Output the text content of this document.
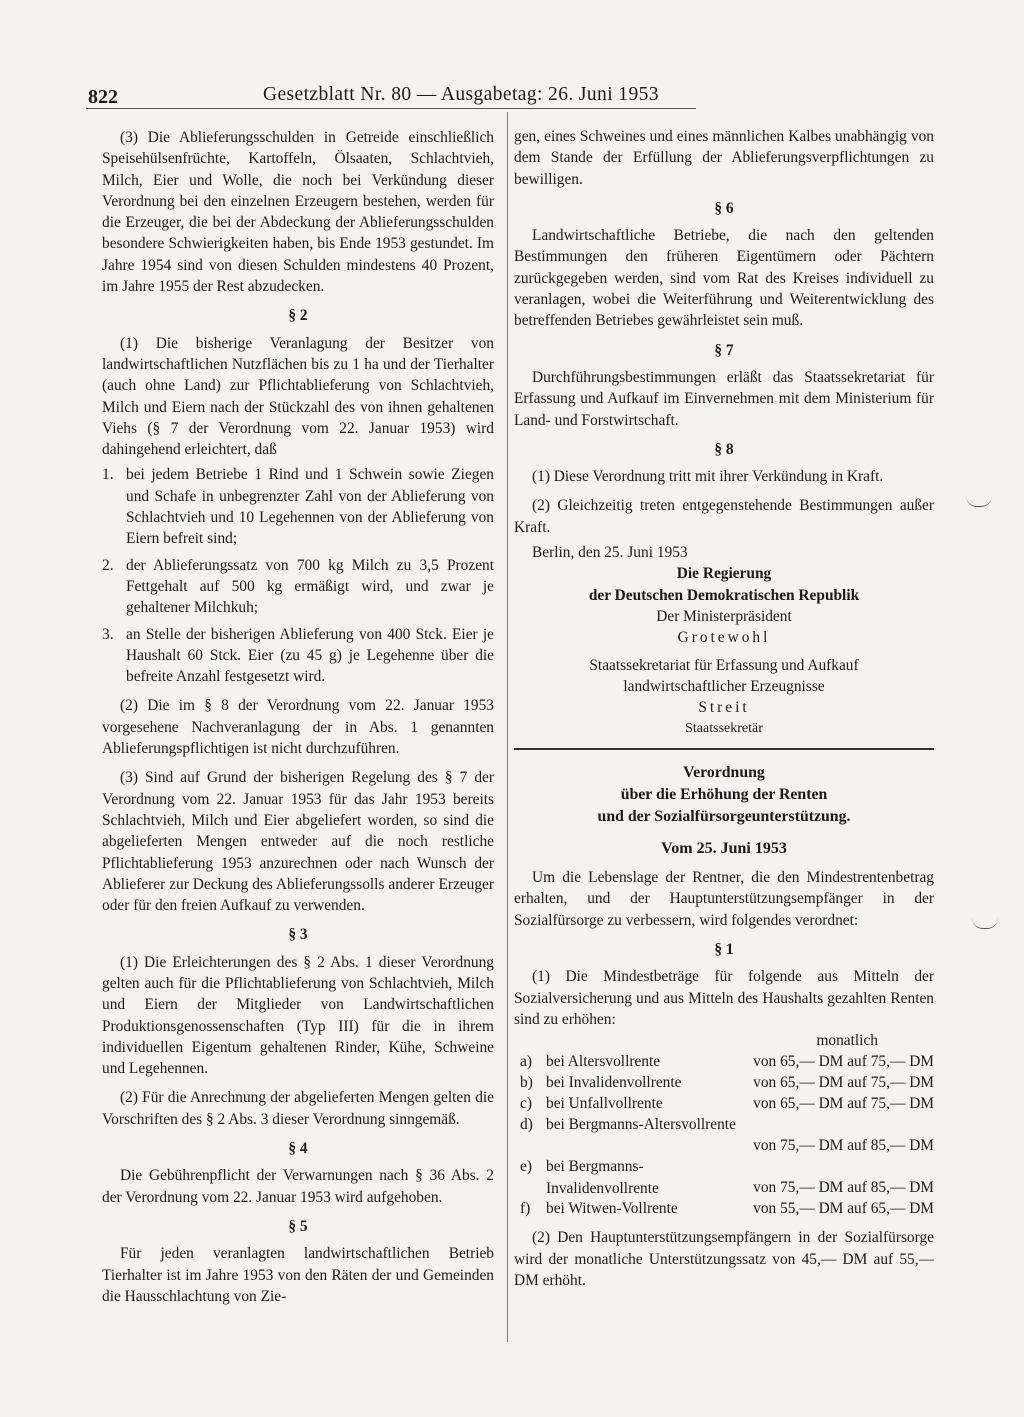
822	Gesetzblatt Nr. 80 — Ausgabetag: 26. Juni 1953

(3) Die Ablieferungsschulden in Getreide einschließlich Speisehülsenfrüchte, Kartoffeln, Ölsaaten, Schlachtvieh, Milch, Eier und Wolle, die noch bei Verkündung dieser Verordnung bei den einzelnen Erzeugern bestehen, werden für die Erzeuger, die bei der Abdeckung der Ablieferungsschulden besondere Schwierigkeiten haben, bis Ende 1953 gestundet. Im Jahre 1954 sind von diesen Schulden mindestens 40 Prozent, im Jahre 1955 der Rest abzudecken.

§ 2

(1) Die bisherige Veranlagung der Besitzer von landwirtschaftlichen Nutzflächen bis zu 1 ha und der Tierhalter (auch ohne Land) zur Pflichtablieferung von Schlachtvieh, Milch und Eiern nach der Stückzahl des von ihnen gehaltenen Viehs (§ 7 der Verordnung vom 22. Januar 1953) wird dahingehend erleichtert, daß

1. bei jedem Betriebe 1 Rind und 1 Schwein sowie Ziegen und Schafe in unbegrenzter Zahl von der Ablieferung von Schlachtvieh und 10 Legehennen von der Ablieferung von Eiern befreit sind;
2. der Ablieferungssatz von 700 kg Milch zu 3,5 Prozent Fettgehalt auf 500 kg ermäßigt wird, und zwar je gehaltener Milchkuh;
3. an Stelle der bisherigen Ablieferung von 400 Stck. Eier je Haushalt 60 Stck. Eier (zu 45 g) je Legehenne über die befreite Anzahl festgesetzt wird.

(2) Die im § 8 der Verordnung vom 22. Januar 1953 vorgesehene Nachveranlagung der in Abs. 1 genannten Ablieferungspflichtigen ist nicht durchzuführen.

(3) Sind auf Grund der bisherigen Regelung des § 7 der Verordnung vom 22. Januar 1953 für das Jahr 1953 bereits Schlachtvieh, Milch und Eier abgeliefert worden, so sind die abgelieferten Mengen entweder auf die noch restliche Pflichtablieferung 1953 anzurechnen oder nach Wunsch der Ablieferer zur Deckung des Ablieferungssolls anderer Erzeuger oder für den freien Aufkauf zu verwenden.

§ 3

(1) Die Erleichterungen des § 2 Abs. 1 dieser Verordnung gelten auch für die Pflichtablieferung von Schlachtvieh, Milch und Eiern der Mitglieder von Landwirtschaftlichen Produktionsgenossenschaften (Typ III) für die in ihrem individuellen Eigentum gehaltenen Rinder, Kühe, Schweine und Legehennen.

(2) Für die Anrechnung der abgelieferten Mengen gelten die Vorschriften des § 2 Abs. 3 dieser Verordnung sinngemäß.

§ 4

Die Gebührenpflicht der Verwarnungen nach § 36 Abs. 2 der Verordnung vom 22. Januar 1953 wird aufgehoben.

§ 5

Für jeden veranlagten landwirtschaftlichen Betrieb Tierhalter ist im Jahre 1953 von den Räten der und Gemeinden die Hausschlachtung von Zie-

gen, eines Schweines und eines männlichen Kalbes unabhängig von dem Stande der Erfüllung der Ablieferungsverpflichtungen zu bewilligen.

§ 6

Landwirtschaftliche Betriebe, die nach den geltenden Bestimmungen den früheren Eigentümern oder Pächtern zurückgegeben werden, sind vom Rat des Kreises individuell zu veranlagen, wobei die Weiterführung und Weiterentwicklung des betreffenden Betriebes gewährleistet sein muß.

§ 7

Durchführungsbestimmungen erläßt das Staatssekretariat für Erfassung und Aufkauf im Einvernehmen mit dem Ministerium für Land- und Forstwirtschaft.

§ 8

(1) Diese Verordnung tritt mit ihrer Verkündung in Kraft.

(2) Gleichzeitig treten entgegenstehende Bestimmungen außer Kraft.

Berlin, den 25. Juni 1953
Die Regierung
der Deutschen Demokratischen Republik
Der Ministerpräsident
Grotewohl
Staatssekretariat für Erfassung und Aufkauf
landwirtschaftlicher Erzeugnisse
Streit
Staatssekretär
Verordnung
über die Erhöhung der Renten
und der Sozialfürsorgeunterstützung.
Vom 25. Juni 1953

Um die Lebenslage der Rentner, die den Mindestrentenbetrag erhalten, und der Hauptunterstützungsempfänger in der Sozialfürsorge zu verbessern, wird folgendes verordnet:

§ 1

(1) Die Mindestbeträge für folgende aus Mitteln der Sozialversicherung und aus Mitteln des Haushalts gezahlten Renten sind zu erhöhen:

monatlich
a) bei Altersvollrente	von 65,— DM auf 75,— DM
b) bei Invalidenvollrente	von 65,— DM auf 75,— DM
c) bei Unfallvollrente	von 65,— DM auf 75,— DM
d) bei Bergmanns-Altersvollrente
von 75,— DM auf 85,— DM
e) bei Bergmanns-Invalidenvollrente	von 75,— DM auf 85,— DM
f) bei Witwen-Vollrente	von 55,— DM auf 65,— DM

(2) Den Hauptunterstützungsempfängern in der Sozialfürsorge wird der monatliche Unterstützungssatz von 45,— DM auf 55,— DM erhöht.
